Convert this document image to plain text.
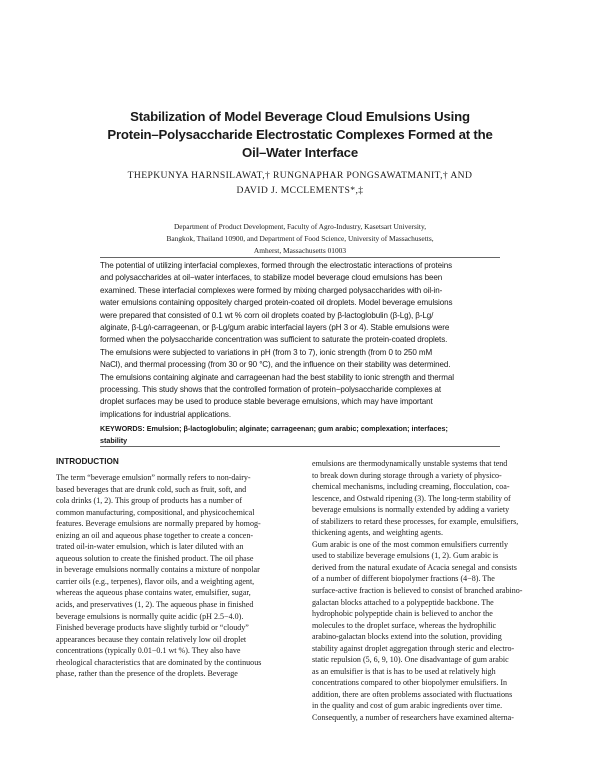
Stabilization of Model Beverage Cloud Emulsions Using
Protein–Polysaccharide Electrostatic Complexes Formed at the
Oil–Water Interface
THEPKUNYA HARNSILAWAT,† RUNGNAPHAR PONGSAWATMANIT,† AND
DAVID J. MCCLEMENTS*,‡
Department of Product Development, Faculty of Agro-Industry, Kasetsart University,
Bangkok, Thailand 10900, and Department of Food Science, University of Massachusetts,
Amherst, Massachusetts 01003
The potential of utilizing interfacial complexes, formed through the electrostatic interactions of proteins
and polysaccharides at oil−water interfaces, to stabilize model beverage cloud emulsions has been
examined. These interfacial complexes were formed by mixing charged polysaccharides with oil-in-
water emulsions containing oppositely charged protein-coated oil droplets. Model beverage emulsions
were prepared that consisted of 0.1 wt % corn oil droplets coated by β-lactoglobulin (β-Lg), β-Lg/
alginate, β-Lg/ι-carrageenan, or β-Lg/gum arabic interfacial layers (pH 3 or 4). Stable emulsions were
formed when the polysaccharide concentration was sufficient to saturate the protein-coated droplets.
The emulsions were subjected to variations in pH (from 3 to 7), ionic strength (from 0 to 250 mM
NaCl), and thermal processing (from 30 or 90 °C), and the influence on their stability was determined.
The emulsions containing alginate and carrageenan had the best stability to ionic strength and thermal
processing. This study shows that the controlled formation of protein−polysaccharide complexes at
droplet surfaces may be used to produce stable beverage emulsions, which may have important
implications for industrial applications.
KEYWORDS: Emulsion; β-lactoglobulin; alginate; carrageenan; gum arabic; complexation; interfaces;
stability
INTRODUCTION
The term “beverage emulsion” normally refers to non-dairy-
based beverages that are drunk cold, such as fruit, soft, and
cola drinks (1, 2). This group of products has a number of
common manufacturing, compositional, and physicochemical
features. Beverage emulsions are normally prepared by homog-
enizing an oil and aqueous phase together to create a concen-
trated oil-in-water emulsion, which is later diluted with an
aqueous solution to create the finished product. The oil phase
in beverage emulsions normally contains a mixture of nonpolar
carrier oils (e.g., terpenes), flavor oils, and a weighting agent,
whereas the aqueous phase contains water, emulsifier, sugar,
acids, and preservatives (1, 2). The aqueous phase in finished
beverage emulsions is normally quite acidic (pH 2.5−4.0).
Finished beverage products have slightly turbid or “cloudy”
appearances because they contain relatively low oil droplet
concentrations (typically 0.01−0.1 wt %). They also have
rheological characteristics that are dominated by the continuous
phase, rather than the presence of the droplets. Beverage
emulsions are thermodynamically unstable systems that tend
to break down during storage through a variety of physico-
chemical mechanisms, including creaming, flocculation, coa-
lescence, and Ostwald ripening (3). The long-term stability of
beverage emulsions is normally extended by adding a variety
of stabilizers to retard these processes, for example, emulsifiers,
thickening agents, and weighting agents.
Gum arabic is one of the most common emulsifiers currently
used to stabilize beverage emulsions (1, 2). Gum arabic is
derived from the natural exudate of Acacia senegal and consists
of a number of different biopolymer fractions (4−8). The
surface-active fraction is believed to consist of branched arabino-
galactan blocks attached to a polypeptide backbone. The
hydrophobic polypeptide chain is believed to anchor the
molecules to the droplet surface, whereas the hydrophilic
arabino-galactan blocks extend into the solution, providing
stability against droplet aggregation through steric and electro-
static repulsion (5, 6, 9, 10). One disadvantage of gum arabic
as an emulsifier is that is has to be used at relatively high
concentrations compared to other biopolymer emulsifiers. In
addition, there are often problems associated with fluctuations
in the quality and cost of gum arabic ingredients over time.
Consequently, a number of researchers have examined alterna-
